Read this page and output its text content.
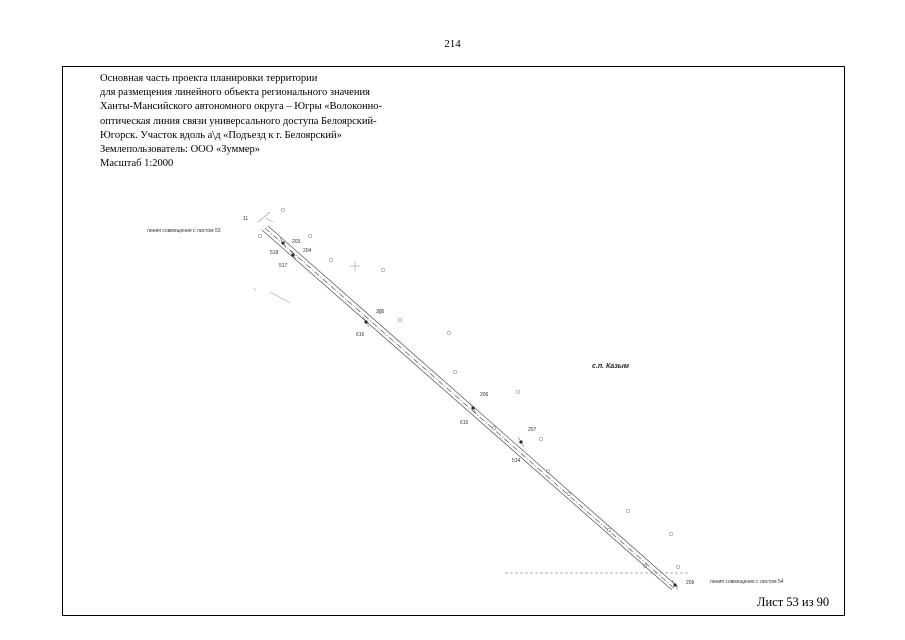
214
Основная часть проекта планировки территории
для размещения линейного объекта регионального значения
Ханты-Мансийского автономного округа – Югры «Волоконно-
оптическая линия связи универсального доступа Белоярский-
Югорск. Участок вдоль а\д «Подъезд к г. Белоярский»
Землепользователь: ООО «Зуммер»
Масштаб 1:2000
линия совмещения с листом 53
линия совмещения с листом 54
11
с.п. Казым
203
518	204
517
205
616
206
615
207
514
209
Лист 53 из 90
